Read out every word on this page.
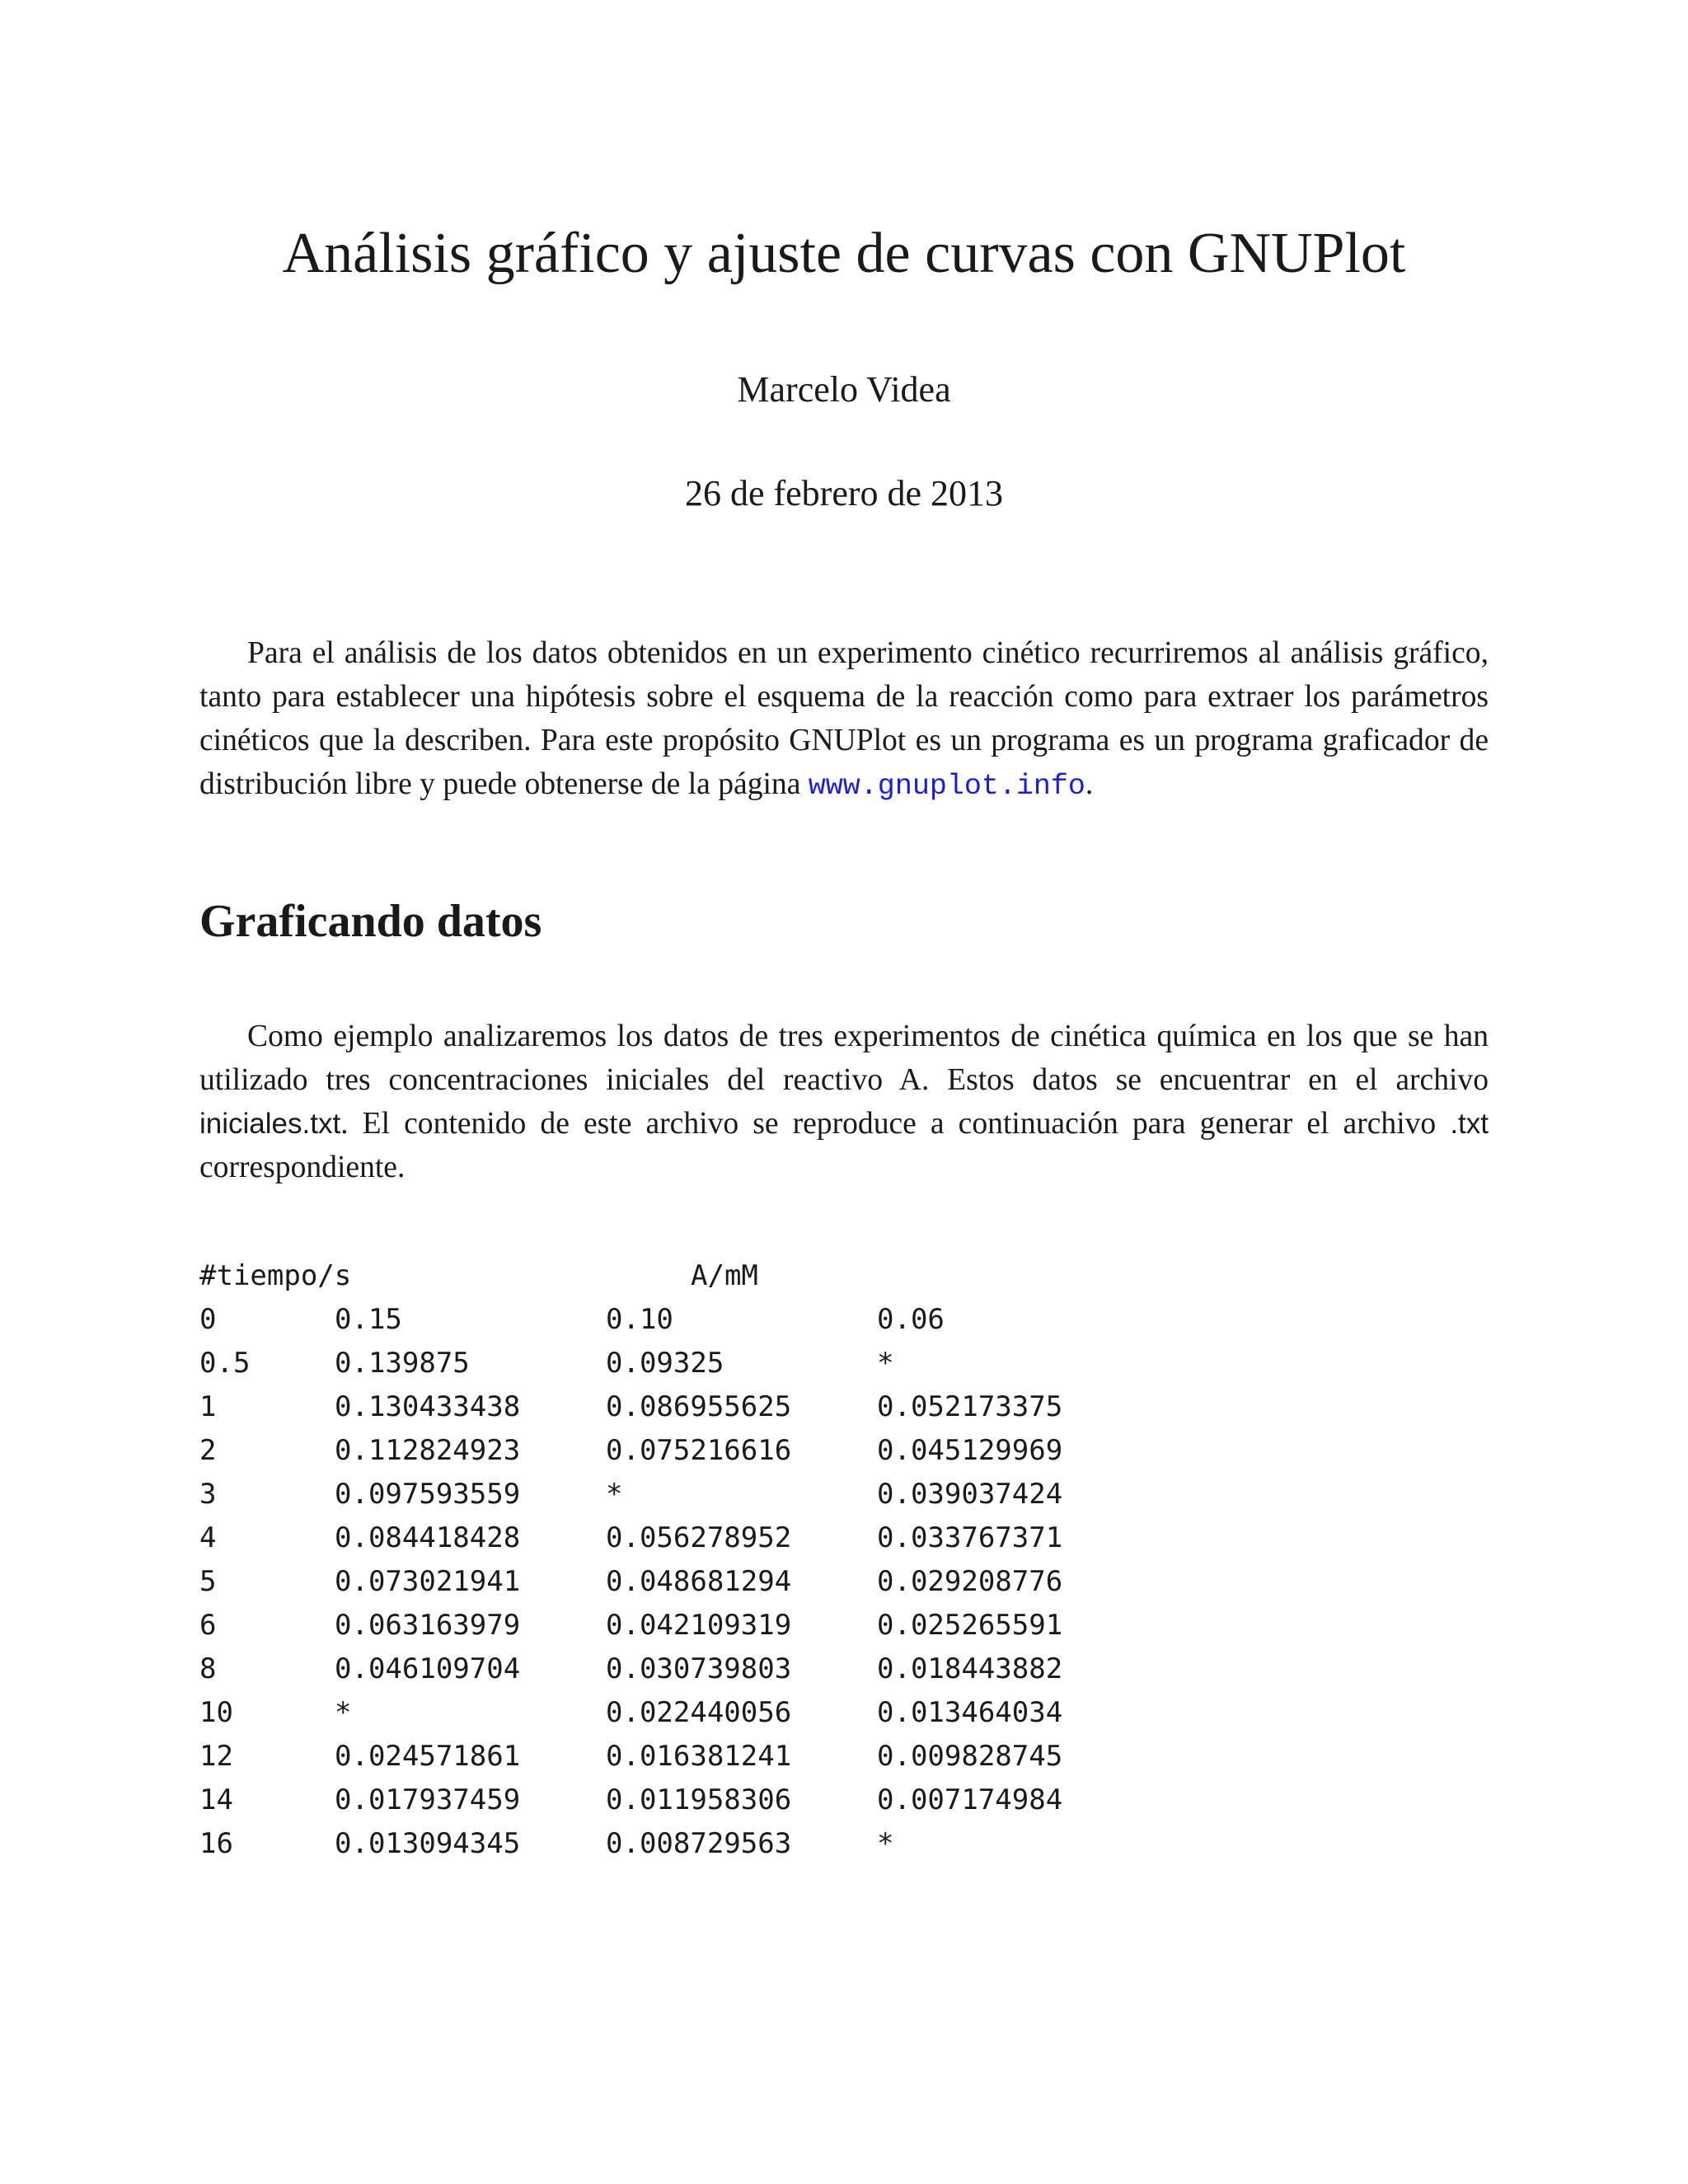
Análisis gráfico y ajuste de curvas con GNUPlot
Marcelo Videa
26 de febrero de 2013

Para el análisis de los datos obtenidos en un experimento cinético recurriremos al análisis gráfico, tanto para establecer una hipótesis sobre el esquema de la reacción como para extraer los parámetros cinéticos que la describen. Para este propósito GNUPlot es un programa es un programa graficador de distribución libre y puede obtenerse de la página www.gnuplot.info.

Graficando datos

Como ejemplo analizaremos los datos de tres experimentos de cinética química en los que se han utilizado tres concentraciones iniciales del reactivo A. Estos datos se encuentrar en el archivo iniciales.txt. El contenido de este archivo se reproduce a continuación para generar el archivo .txt correspondiente.

#tiempo/s	A/mM
0	0.15	0.10	0.06
0.5	0.139875	0.09325	*
1	0.130433438	0.086955625	0.052173375
2	0.112824923	0.075216616	0.045129969
3	0.097593559	*	0.039037424
4	0.084418428	0.056278952	0.033767371
5	0.073021941	0.048681294	0.029208776
6	0.063163979	0.042109319	0.025265591
8	0.046109704	0.030739803	0.018443882
10	*	0.022440056	0.013464034
12	0.024571861	0.016381241	0.009828745
14	0.017937459	0.011958306	0.007174984
16	0.013094345	0.008729563	*
